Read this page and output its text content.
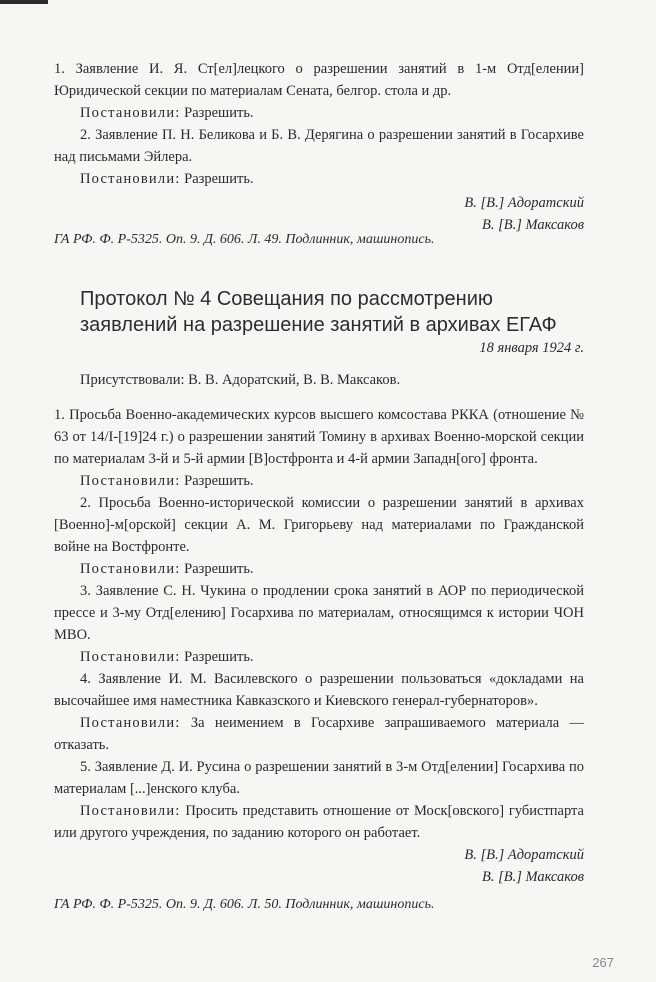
1. Заявление И. Я. Ст[ел]лецкого о разрешении занятий в 1-м Отд[елении] Юридической секции по материалам Сената, белгор. стола и др.
Постановили: Разрешить.
2. Заявление П. Н. Беликова и Б. В. Дерягина о разрешении занятий в Госархиве над письмами Эйлера.
Постановили: Разрешить.
В. [В.] Адоратский
В. [В.] Максаков
ГА РФ. Ф. Р-5325. Оп. 9. Д. 606. Л. 49. Подлинник, машинопись.
Протокол № 4 Совещания по рассмотрению
заявлений на разрешение занятий в архивах ЕГАФ
18 января 1924 г.
Присутствовали: В. В. Адоратский, В. В. Максаков.
1. Просьба Военно-академических курсов высшего комсостава РККА (отношение № 63 от 14/I-[19]24 г.) о разрешении занятий Томину в архивах Военно-морской секции по материалам 3-й и 5-й армии [В]остфронта и 4-й армии Западн[ого] фронта.
Постановили: Разрешить.
2. Просьба Военно-исторической комиссии о разрешении занятий в архивах [Военно]-м[орской] секции А. М. Григорьеву над материалами по Гражданской войне на Востфронте.
Постановили: Разрешить.
3. Заявление С. Н. Чукина о продлении срока занятий в АОР по периодической прессе и 3-му Отд[елению] Госархива по материалам, относящимся к истории ЧОН МВО.
Постановили: Разрешить.
4. Заявление И. М. Василевского о разрешении пользоваться «докладами на высочайшее имя наместника Кавказского и Киевского генерал-губернаторов».
Постановили: За неимением в Госархиве запрашиваемого материала — отказать.
5. Заявление Д. И. Русина о разрешении занятий в 3-м Отд[елении] Госархива по материалам [...]енского клуба.
Постановили: Просить представить отношение от Моск[овского] губистпарта или другого учреждения, по заданию которого он работает.
В. [В.] Адоратский
В. [В.] Максаков
ГА РФ. Ф. Р-5325. Оп. 9. Д. 606. Л. 50. Подлинник, машинопись.
267
